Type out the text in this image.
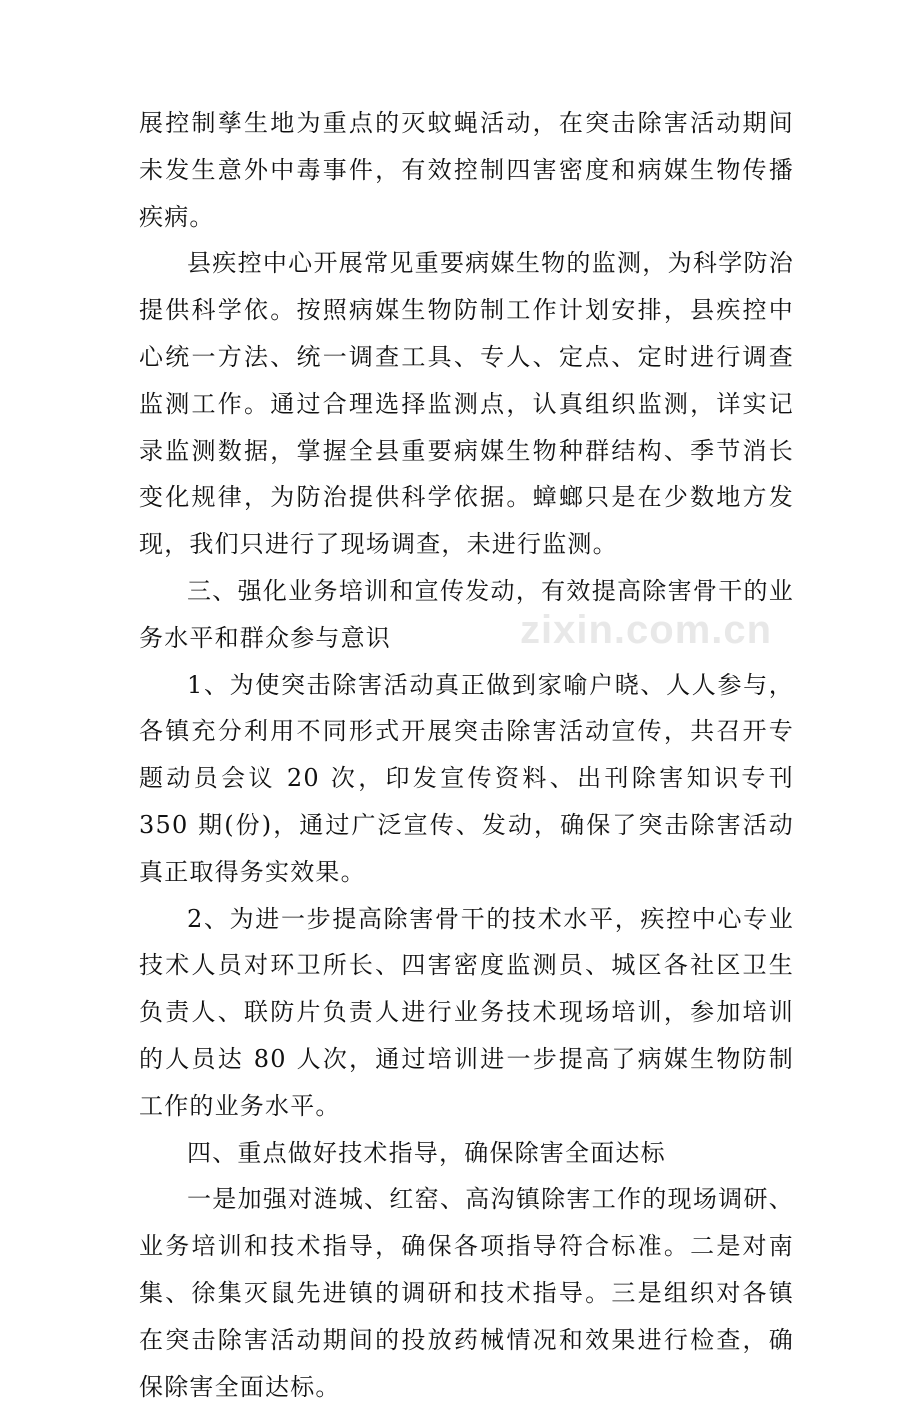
展控制孳生地为重点的灭蚊蝇活动，在突击除害活动期间未发生意外中毒事件，有效控制四害密度和病媒生物传播疾病。

县疾控中心开展常见重要病媒生物的监测，为科学防治提供科学依。按照病媒生物防制工作计划安排，县疾控中心统一方法、统一调查工具、专人、定点、定时进行调查监测工作。通过合理选择监测点，认真组织监测，详实记录监测数据，掌握全县重要病媒生物种群结构、季节消长变化规律，为防治提供科学依据。蟑螂只是在少数地方发现，我们只进行了现场调查，未进行监测。

三、强化业务培训和宣传发动，有效提高除害骨干的业务水平和群众参与意识

1、为使突击除害活动真正做到家喻户晓、人人参与，各镇充分利用不同形式开展突击除害活动宣传，共召开专题动员会议 20 次，印发宣传资料、出刊除害知识专刊 350 期(份)，通过广泛宣传、发动，确保了突击除害活动真正取得务实效果。

2、为进一步提高除害骨干的技术水平，疾控中心专业技术人员对环卫所长、四害密度监测员、城区各社区卫生负责人、联防片负责人进行业务技术现场培训，参加培训的人员达 80 人次，通过培训进一步提高了病媒生物防制工作的业务水平。

四、重点做好技术指导，确保除害全面达标

一是加强对涟城、红窑、高沟镇除害工作的现场调研、业务培训和技术指导，确保各项指导符合标准。二是对南集、徐集灭鼠先进镇的调研和技术指导。三是组织对各镇在突击除害活动期间的投放药械情况和效果进行检查，确保除害全面达标。

zixin.com.cn
